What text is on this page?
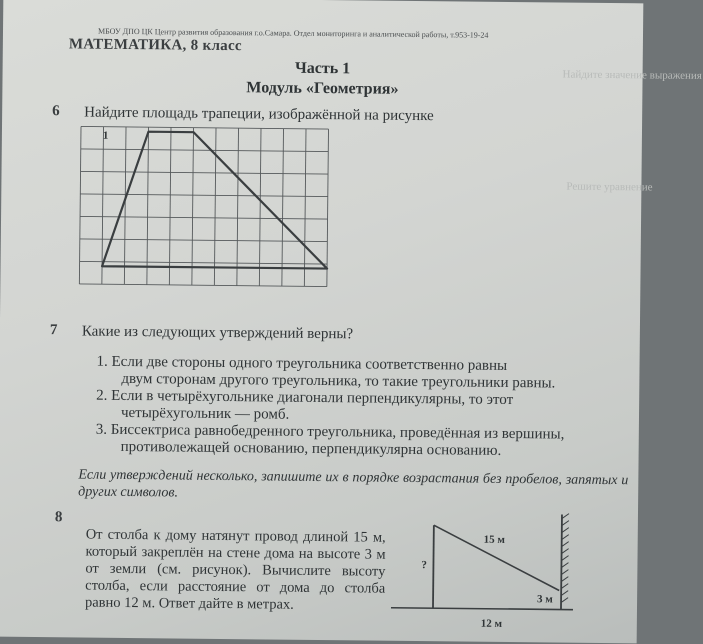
Найдите значение выражения
Решите уравнение
МБОУ ДПО ЦК Центр развития образования г.о.Самара. Отдел мониторинга и аналитической работы, т.953-19-24
МАТЕМАТИКА, 8 класс
Часть 1
Модуль «Геометрия»
6 Найдите площадь трапеции, изображённой на рисунке
1
7 Какие из следующих утверждений верны?
1. Если две стороны одного треугольника соответственно равны
двум сторонам другого треугольника, то такие треугольники равны.
2. Если в четырёхугольнике диагонали перпендикулярны, то этот
четырёхугольник — ромб.
3. Биссектриса равнобедренного треугольника, проведённая из вершины,
противолежащей основанию, перпендикулярна основанию.
Если утверждений несколько, запишите их в порядке возрастания без пробелов, запятых и других символов.
8
От столба к дому натянут провод длиной 15 м, который закреплён на стене дома на высоте 3 м от земли (см. рисунок). Вычислите высоту столба, если расстояние от дома до столба равно 12 м. Ответ дайте в метрах.
15 м
?
3 м
12 м
